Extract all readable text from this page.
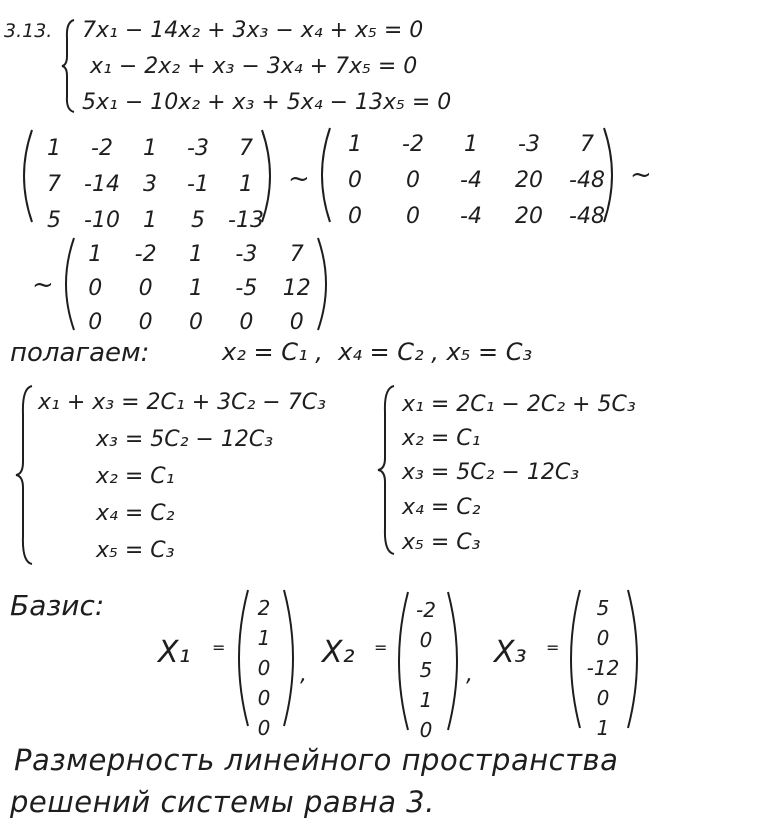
3.13. 7x₁ − 14x₂ + 3x₃ − x₄ + x₅ = 0
x₁ − 2x₂ + x₃ − 3x₄ + 7x₅ = 0
5x₁ − 10x₂ + x₃ + 5x₄ − 13x₅ = 0
1	-2	1	-3	7
7	-14	3	-1	1
5	-10	1	5	-13
~
1	-2	1	-3	7
0	0	-4	20	-48
0	0	-4	20	-48
~
~
1	-2	1	-3	7
0	0	1	-5	12
0	0	0	0	0
полагаем:	x₂ = C₁ ,  x₄ = C₂ , x₅ = C₃
x₁ + x₃ = 2C₁ + 3C₂ − 7C₃
x₃ = 5C₂ − 12C₃
x₂ = C₁
x₄ = C₂
x₅ = C₃
x₁ = 2C₁ − 2C₂ + 5C₃
x₂ = C₁
x₃ = 5C₂ − 12C₃
x₄ = C₂
x₅ = C₃
Базис:
X₁ =
2
1
0
0
0
,
X₂ =
-2
0
5
1
0
,
X₃ =
5
0
-12
0
1
Размерность линейного пространства
решений системы равна 3.
